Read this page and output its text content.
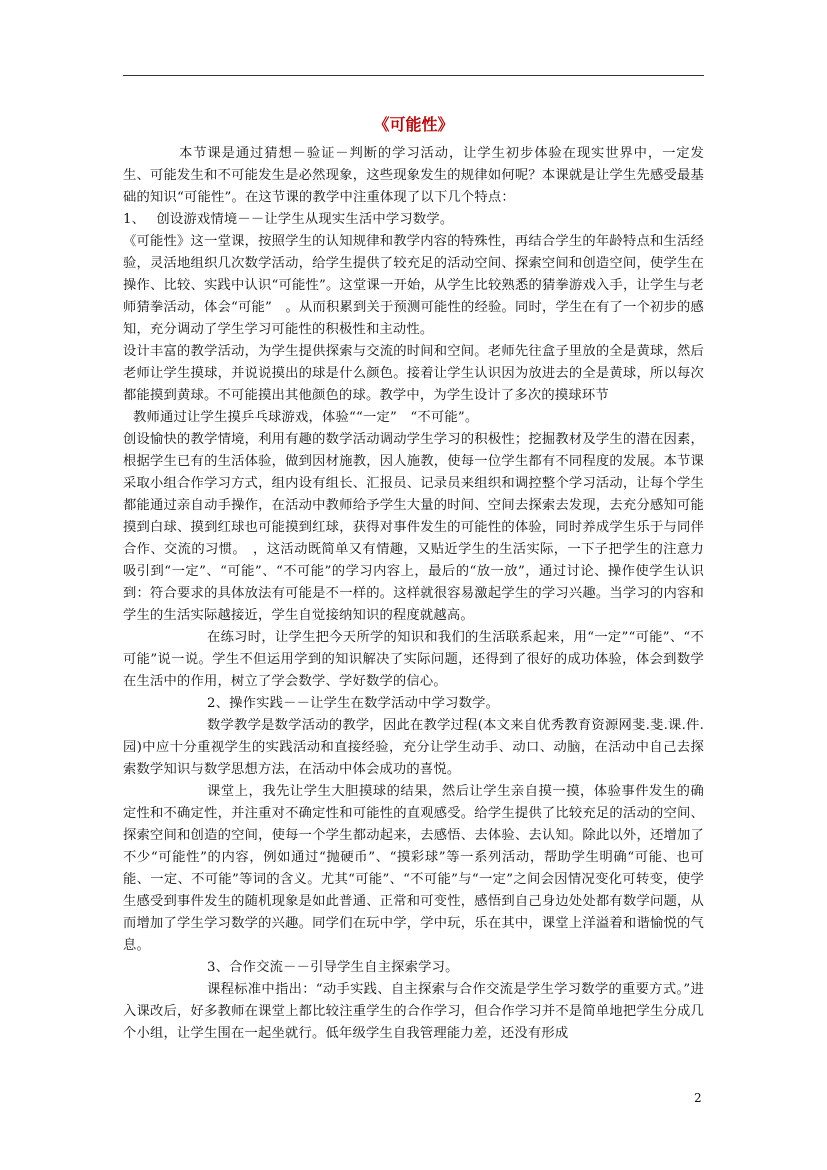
《可能性》

本节课是通过猜想－验证－判断的学习活动，让学生初步体验在现实世界中，一定发生、可能发生和不可能发生是必然现象，这些现象发生的规律如何呢？本课就是让学生先感受最基础的知识“可能性”。在这节课的教学中注重体现了以下几个特点：

1、　 创设游戏情境－－让学生从现实生活中学习数学。

《可能性》这一堂课，按照学生的认知规律和教学内容的特殊性，再结合学生的年龄特点和生活经验，灵活地组织几次数学活动，给学生提供了较充足的活动空间、探索空间和创造空间，使学生在操作、比较、实践中认识“可能性”。这堂课一开始，从学生比较熟悉的猜拳游戏入手，让学生与老师猜拳活动，体会“可能”　。从而积累到关于预测可能性的经验。同时，学生在有了一个初步的感知，充分调动了学生学习可能性的积极性和主动性。

设计丰富的教学活动，为学生提供探索与交流的时间和空间。老师先往盒子里放的全是黄球，然后老师让学生摸球，并说说摸出的球是什么颜色。接着让学生认识因为放进去的全是黄球，所以每次都能摸到黄球。不可能摸出其他颜色的球。教学中，为学生设计了多次的摸球环节

教师通过让学生摸乒乓球游戏，体验““一定”　“不可能”。

创设愉快的教学情境，利用有趣的数学活动调动学生学习的积极性；挖掘教材及学生的潜在因素，根据学生已有的生活体验，做到因材施教，因人施教，使每一位学生都有不同程度的发展。本节课采取小组合作学习方式，组内设有组长、汇报员、记录员来组织和调控整个学习活动，让每个学生都能通过亲自动手操作，在活动中教师给予学生大量的时间、空间去探索去发现，去充分感知可能摸到白球、摸到红球也可能摸到红球，获得对事件发生的可能性的体验，同时养成学生乐于与同伴合作、交流的习惯。　，这活动既简单又有情趣，又贴近学生的生活实际，一下子把学生的注意力吸引到“一定”、“可能”、“不可能”的学习内容上，最后的“放一放”，通过讨论、操作使学生认识到：符合要求的具体放法有可能是不一样的。这样就很容易激起学生的学习兴趣。当学习的内容和学生的生活实际越接近，学生自觉接纳知识的程度就越高。

在练习时，让学生把今天所学的知识和我们的生活联系起来，用“一定”“可能”、“不可能”说一说。学生不但运用学到的知识解决了实际问题，还得到了很好的成功体验，体会到数学在生活中的作用，树立了学会数学、学好数学的信心。

2、操作实践－－让学生在数学活动中学习数学。

数学教学是数学活动的教学，因此在教学过程(本文来自优秀教育资源网斐.斐.课.件.园)中应十分重视学生的实践活动和直接经验，充分让学生动手、动口、动脑，在活动中自己去探索数学知识与数学思想方法，在活动中体会成功的喜悦。

课堂上，我先让学生大胆摸球的结果，然后让学生亲自摸一摸，体验事件发生的确定性和不确定性，并注重对不确定性和可能性的直观感受。给学生提供了比较充足的活动的空间、探索空间和创造的空间，使每一个学生都动起来，去感悟、去体验、去认知。除此以外，还增加了不少“可能性”的内容，例如通过“抛硬币”、“摸彩球”等一系列活动，帮助学生明确“可能、也可能、一定、不可能”等词的含义。尤其“可能”、“不可能”与“一定”之间会因情况变化可转变，使学生感受到事件发生的随机现象是如此普通、正常和可变性，感悟到自己身边处处都有数学问题，从而增加了学生学习数学的兴趣。同学们在玩中学，学中玩，乐在其中，课堂上洋溢着和谐愉悦的气息。

3、合作交流－－引导学生自主探索学习。

课程标准中指出：“动手实践、自主探索与合作交流是学生学习数学的重要方式。”进入课改后，好多教师在课堂上都比较注重学生的合作学习，但合作学习并不是简单地把学生分成几个小组，让学生围在一起坐就行。低年级学生自我管理能力差，还没有形成

2
